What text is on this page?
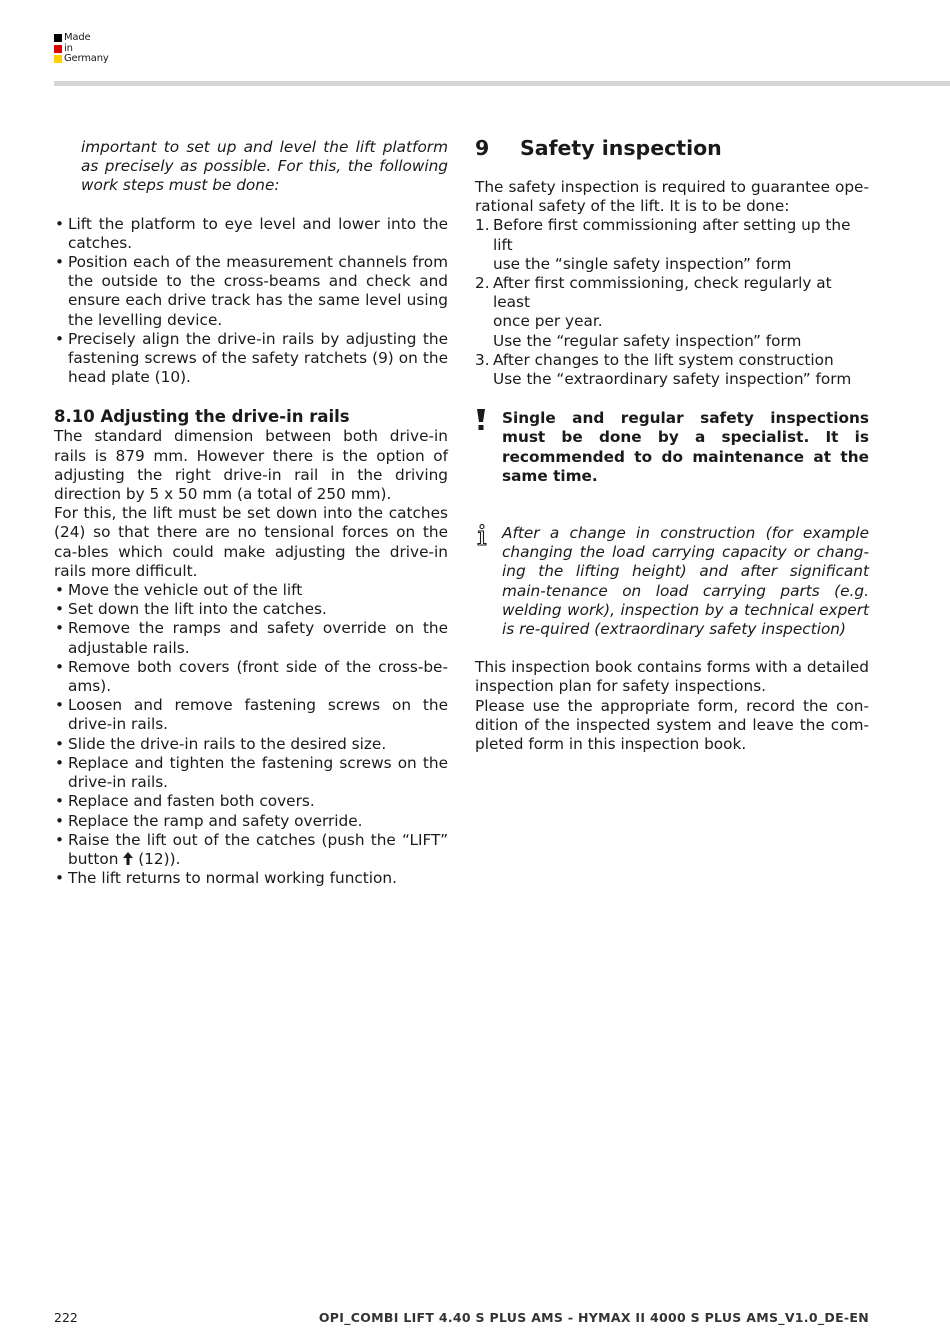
Made
in
Germany

important to set up and level the lift platform as precisely as possible. For this, the following work steps must be done:

• Lift the platform to eye level and lower into the catches.
• Position each of the measurement channels from the outside to the cross-beams and check and ensure each drive track has the same level using the levelling device.
• Precisely align the drive-in rails by adjusting the fastening screws of the safety ratchets (9) on the head plate (10).
8.10 Adjusting the drive-in rails

The standard dimension between both drive-in rails is 879 mm. However there is the option of adjusting the right drive-in rail in the driving direction by 5 x 50 mm (a total of 250 mm).

For this, the lift must be set down into the catches (24) so that there are no tensional forces on the ca-bles which could make adjusting the drive-in rails more difficult.

• Move the vehicle out of the lift
• Set down the lift into the catches.
• Remove the ramps and safety override on the adjustable rails.
• Remove both covers (front side of the cross-be-ams).
• Loosen and remove fastening screws on the drive-in rails.
• Slide the drive-in rails to the desired size.
• Replace and tighten the fastening screws on the drive-in rails.
• Replace and fasten both covers.
• Replace the ramp and safety override.
• Raise the lift out of the catches (push the “LIFT” button (12)).
• The lift returns to normal working function.
9	Safety inspection

The safety inspection is required to guarantee ope-rational safety of the lift. It is to be done:

1. Before first commissioning after setting up the lift
use the “single safety inspection” form
2. After first commissioning, check regularly at least
once per year.
Use the “regular safety inspection” form
3. After changes to the lift system construction
Use the “extraordinary safety inspection” form

Single and regular safety inspections must be done by a specialist. It is recommended to do maintenance at the same time.

After a change in construction (for example changing the load carrying capacity or chang-ing the lifting height) and after significant main-tenance on load carrying parts (e.g. welding work), inspection by a technical expert is re-quired (extraordinary safety inspection)

This inspection book contains forms with a detailed inspection plan for safety inspections.

Please use the appropriate form, record the con-dition of the inspected system and leave the com-pleted form in this inspection book.

222	OPI_COMBI LIFT 4.40 S PLUS AMS - HYMAX II 4000 S PLUS AMS_V1.0_DE-EN
